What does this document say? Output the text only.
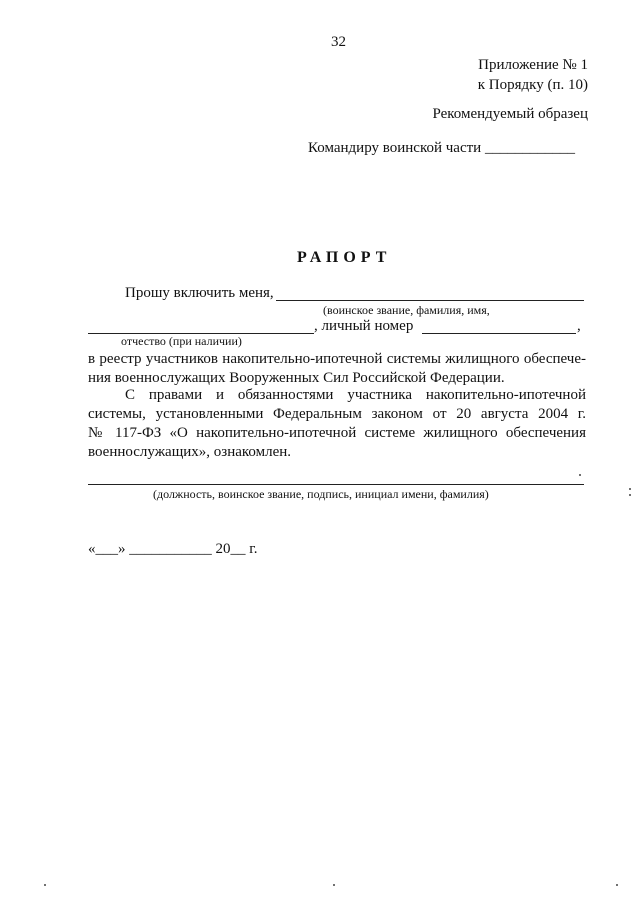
32
Приложение № 1
к Порядку (п. 10)
Рекомендуемый образец
Командиру воинской части ____________
РАПОРТ
Прошу включить меня,
(воинское звание, фамилия, имя,
, личный номер	,
отчество (при наличии)
в реестр участников накопительно-ипотечной системы жилищного обеспече-
ния военнослужащих Вооруженных Сил Российской Федерации.
С правами и обязанностями участника накопительно-ипотечной
системы, установленными Федеральным законом от 20 августа 2004 г.
№ 117-ФЗ «О накопительно-ипотечной системе жилищного обеспечения
военнослужащих», ознакомлен.
(должность, воинское звание, подпись, инициал имени, фамилия)
«___» ___________ 20__ г.
